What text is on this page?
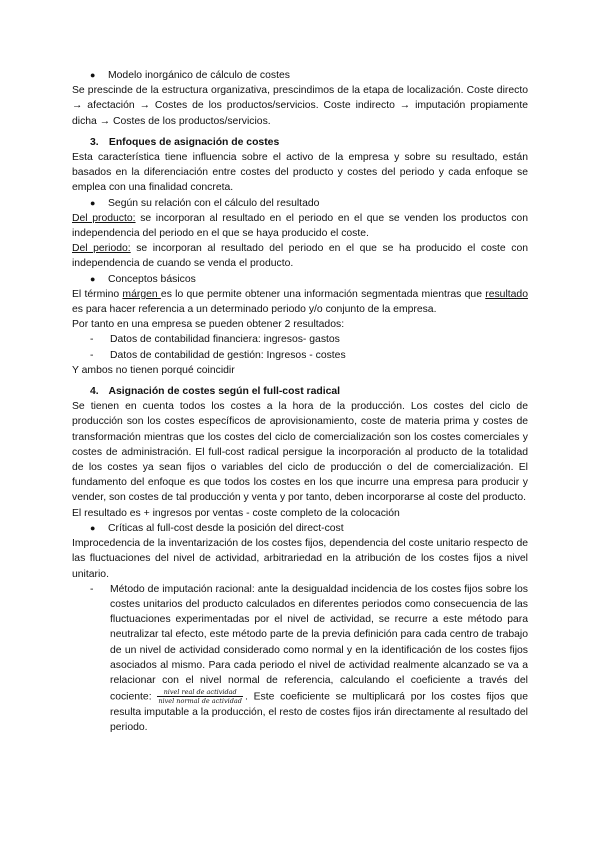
●	Modelo inorgánico de cálculo de costes

Se prescinde de la estructura organizativa, prescindimos de la etapa de localización. Coste directo → afectación → Costes de los productos/servicios. Coste indirecto → imputación propiamente dicha → Costes de los productos/servicios.

3. Enfoques de asignación de costes

Esta característica tiene influencia sobre el activo de la empresa y sobre su resultado, están basados en la diferenciación entre costes del producto y costes del periodo y cada enfoque se emplea con una finalidad concreta.

●	Según su relación con el cálculo del resultado

Del producto: se incorporan al resultado en el periodo en el que se venden los productos con independencia del periodo en el que se haya producido el coste.

Del periodo: se incorporan al resultado del periodo en el que se ha producido el coste con independencia de cuando se venda el producto.

●	Conceptos básicos

El término márgen es lo que permite obtener una información segmentada mientras que resultado es para hacer referencia a un determinado periodo y/o conjunto de la empresa.

Por tanto en una empresa se pueden obtener 2 resultados:

-	Datos de contabilidad financiera: ingresos- gastos
-	Datos de contabilidad de gestión: Ingresos - costes

Y ambos no tienen porqué coincidir

4. Asignación de costes según el full-cost radical

Se tienen en cuenta todos los costes a la hora de la producción. Los costes del ciclo de producción son los costes específicos de aprovisionamiento, coste de materia prima y costes de transformación mientras que los costes del ciclo de comercialización son los costes comerciales y costes de administración. El full-cost radical persigue la incorporación al producto de la totalidad de los costes ya sean fijos o variables del ciclo de producción o del de comercialización. El fundamento del enfoque es que todos los costes en los que incurre una empresa para producir y vender, son costes de tal producción y venta y por tanto, deben incorporarse al coste del producto.

El resultado es + ingresos por ventas - coste completo de la colocación

●	Críticas al full-cost desde la posición del direct-cost

Improcedencia de la inventarización de los costes fijos, dependencia del coste unitario respecto de las fluctuaciones del nivel de actividad, arbitrariedad en la atribución de los costes fijos a nivel unitario.

-	Método de imputación racional: ante la desigualdad incidencia de los costes fijos sobre los costes unitarios del producto calculados en diferentes periodos como consecuencia de las fluctuaciones experimentadas por el nivel de actividad, se recurre a este método para neutralizar tal efecto, este método parte de la previa definición para cada centro de trabajo de un nivel de actividad considerado como normal y en la identificación de los costes fijos asociados al mismo. Para cada periodo el nivel de actividad realmente alcanzado se va a relacionar con el nivel normal de referencia, calculando el coeficiente a través del cociente: $\frac{\text{nivel real de actividad}}{\text{nivel normal de actividad}}$ . Este coeficiente se multiplicará por los costes fijos que resulta imputable a la producción, el resto de costes fijos irán directamente al resultado del periodo.
